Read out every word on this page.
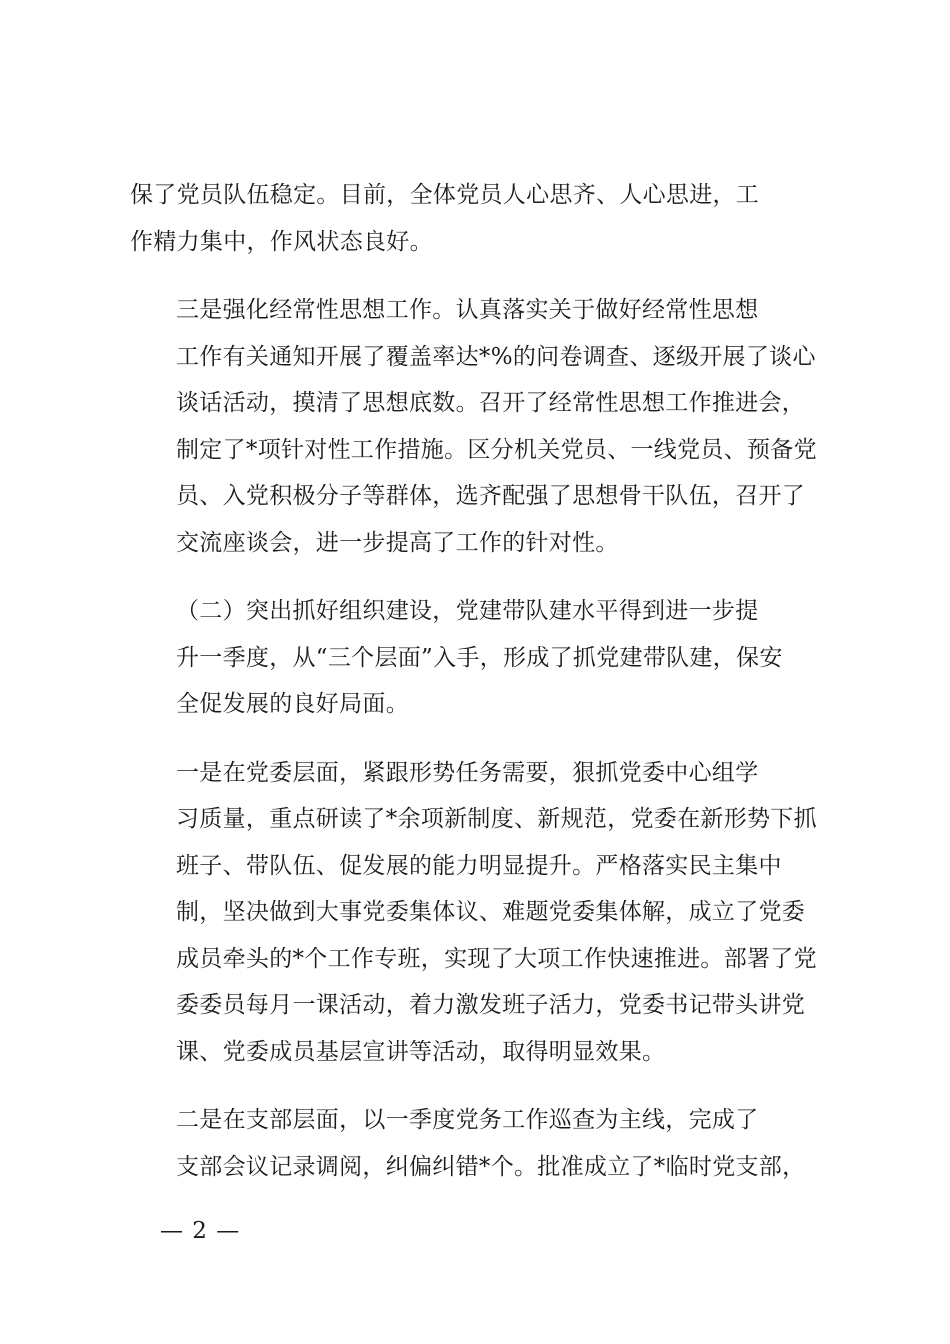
保了党员队伍稳定。目前，全体党员人心思齐、人心思进，工
作精力集中，作风状态良好。

三是强化经常性思想工作。认真落实关于做好经常性思想
工作有关通知开展了覆盖率达*%的问卷调查、逐级开展了谈心
谈话活动，摸清了思想底数。召开了经常性思想工作推进会，
制定了*项针对性工作措施。区分机关党员、一线党员、预备党
员、入党积极分子等群体，选齐配强了思想骨干队伍，召开了
交流座谈会，进一步提高了工作的针对性。

（二）突出抓好组织建设，党建带队建水平得到进一步提
升一季度，从“三个层面”入手，形成了抓党建带队建，保安
全促发展的良好局面。

一是在党委层面，紧跟形势任务需要，狠抓党委中心组学
习质量，重点研读了*余项新制度、新规范，党委在新形势下抓
班子、带队伍、促发展的能力明显提升。严格落实民主集中
制，坚决做到大事党委集体议、难题党委集体解，成立了党委
成员牵头的*个工作专班，实现了大项工作快速推进。部署了党
委委员每月一课活动，着力激发班子活力，党委书记带头讲党
课、党委成员基层宣讲等活动，取得明显效果。

二是在支部层面，以一季度党务工作巡查为主线，完成了
支部会议记录调阅，纠偏纠错*个。批准成立了*临时党支部，

— 2 —
